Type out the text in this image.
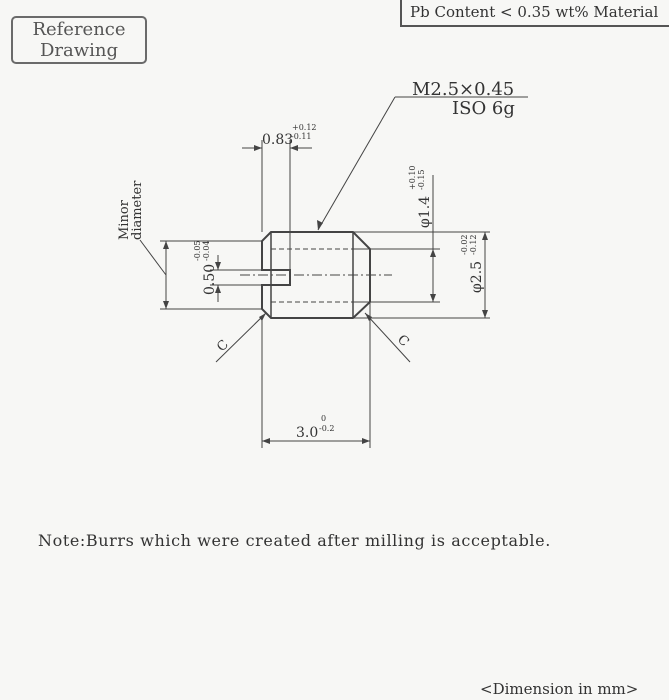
Reference
Drawing
Pb Content < 0.35 wt% Material
M2.5×0.45
ISO 6g
0.83
+0.12
-0.11
φ1.4
+0.10 -0.15
φ2.5
-0.02 -0.12
0.50
-0.05 -0.04
Minor
diameter
C	C
3.0
0
-0.2
Note:Burrs which were created after milling is acceptable.
<Dimension in mm>
